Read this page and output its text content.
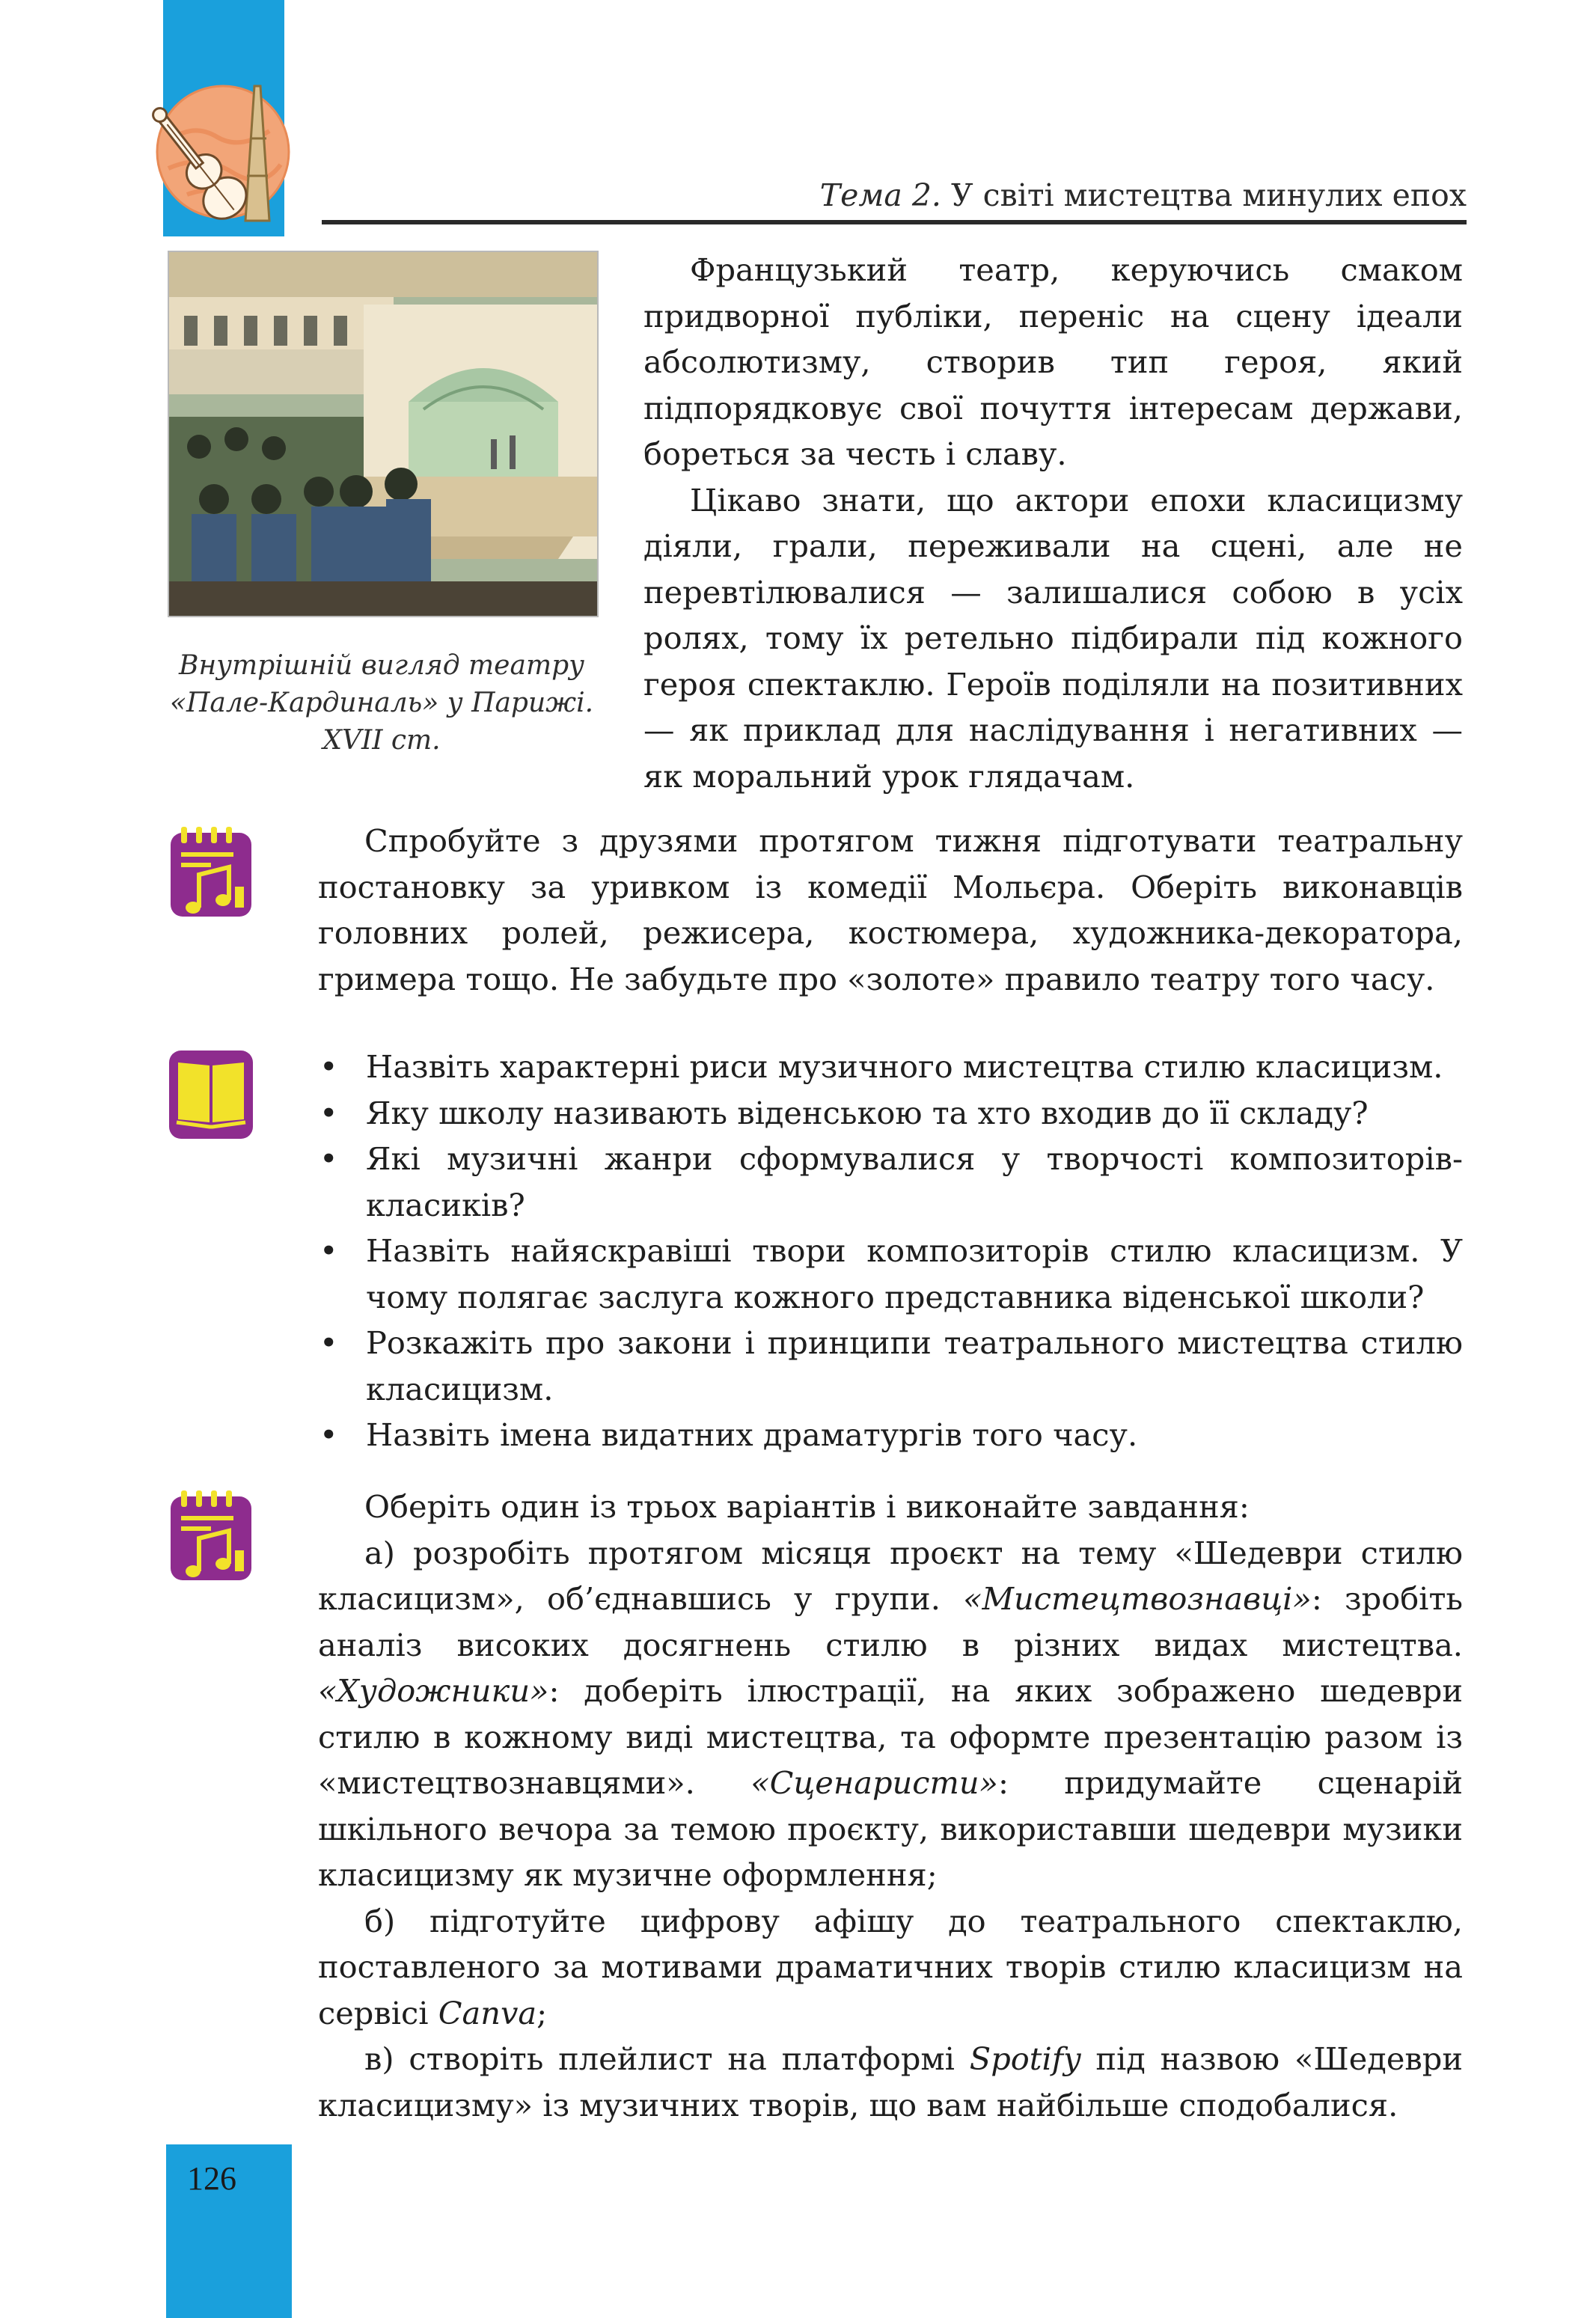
Тема 2. У світі мистецтва минулих епох
Внутрішній вигляд театру
«Пале-Кардиналь» у Парижі.
XVII ст.

Французький театр, керуючись смаком придворної публіки, переніс на сцену ідеали абсолютизму, створив тип героя, який підпорядковує свої почуття інтересам держави, бореться за честь і славу.

Цікаво знати, що актори епохи класицизму діяли, грали, переживали на сцені, але не перевтілювалися — залишалися собою в усіх ролях, тому їх ретельно підбирали під кожного героя спектаклю. Героїв поділяли на позитивних — як приклад для наслідування і негативних — як моральний урок глядачам.

Спробуйте з друзями протягом тижня підготувати театральну постановку за уривком із комедії Мольєра. Оберіть виконавців головних ролей, режисера, костюмера, художника-декоратора, гримера тощо. Не забудьте про «золоте» правило театру того часу.

• Назвіть характерні риси музичного мистецтва стилю класицизм.
• Яку школу називають віденською та хто входив до її складу?
• Які музичні жанри сформувалися у творчості композиторів-класиків?
• Назвіть найяскравіші твори композиторів стилю класицизм. У чому полягає заслуга кожного представника віденської школи?
• Розкажіть про закони і принципи театрального мистецтва стилю класицизм.
• Назвіть імена видатних драматургів того часу.

Оберіть один із трьох варіантів і виконайте завдання:

а) розробіть протягом місяця проєкт на тему «Шедеври стилю класицизм», об’єднавшись у групи. «Мистецтвознавці»: зробіть аналіз високих досягнень стилю в різних видах мистецтва. «Художники»: доберіть ілюстрації, на яких зображено шедеври стилю в кожному виді мистецтва, та оформте презентацію разом із «мистецтвознавцями». «Сценаристи»: придумайте сценарій шкільного вечора за темою проєкту, використавши шедеври музики класицизму як музичне оформлення;

б) підготуйте цифрову афішу до театрального спектаклю, поставленого за мотивами драматичних творів стилю класицизм на сервісі Canva;

в) створіть плейлист на платформі Spotify під назвою «Шедеври класицизму» із музичних творів, що вам найбільше сподобалися.

126
